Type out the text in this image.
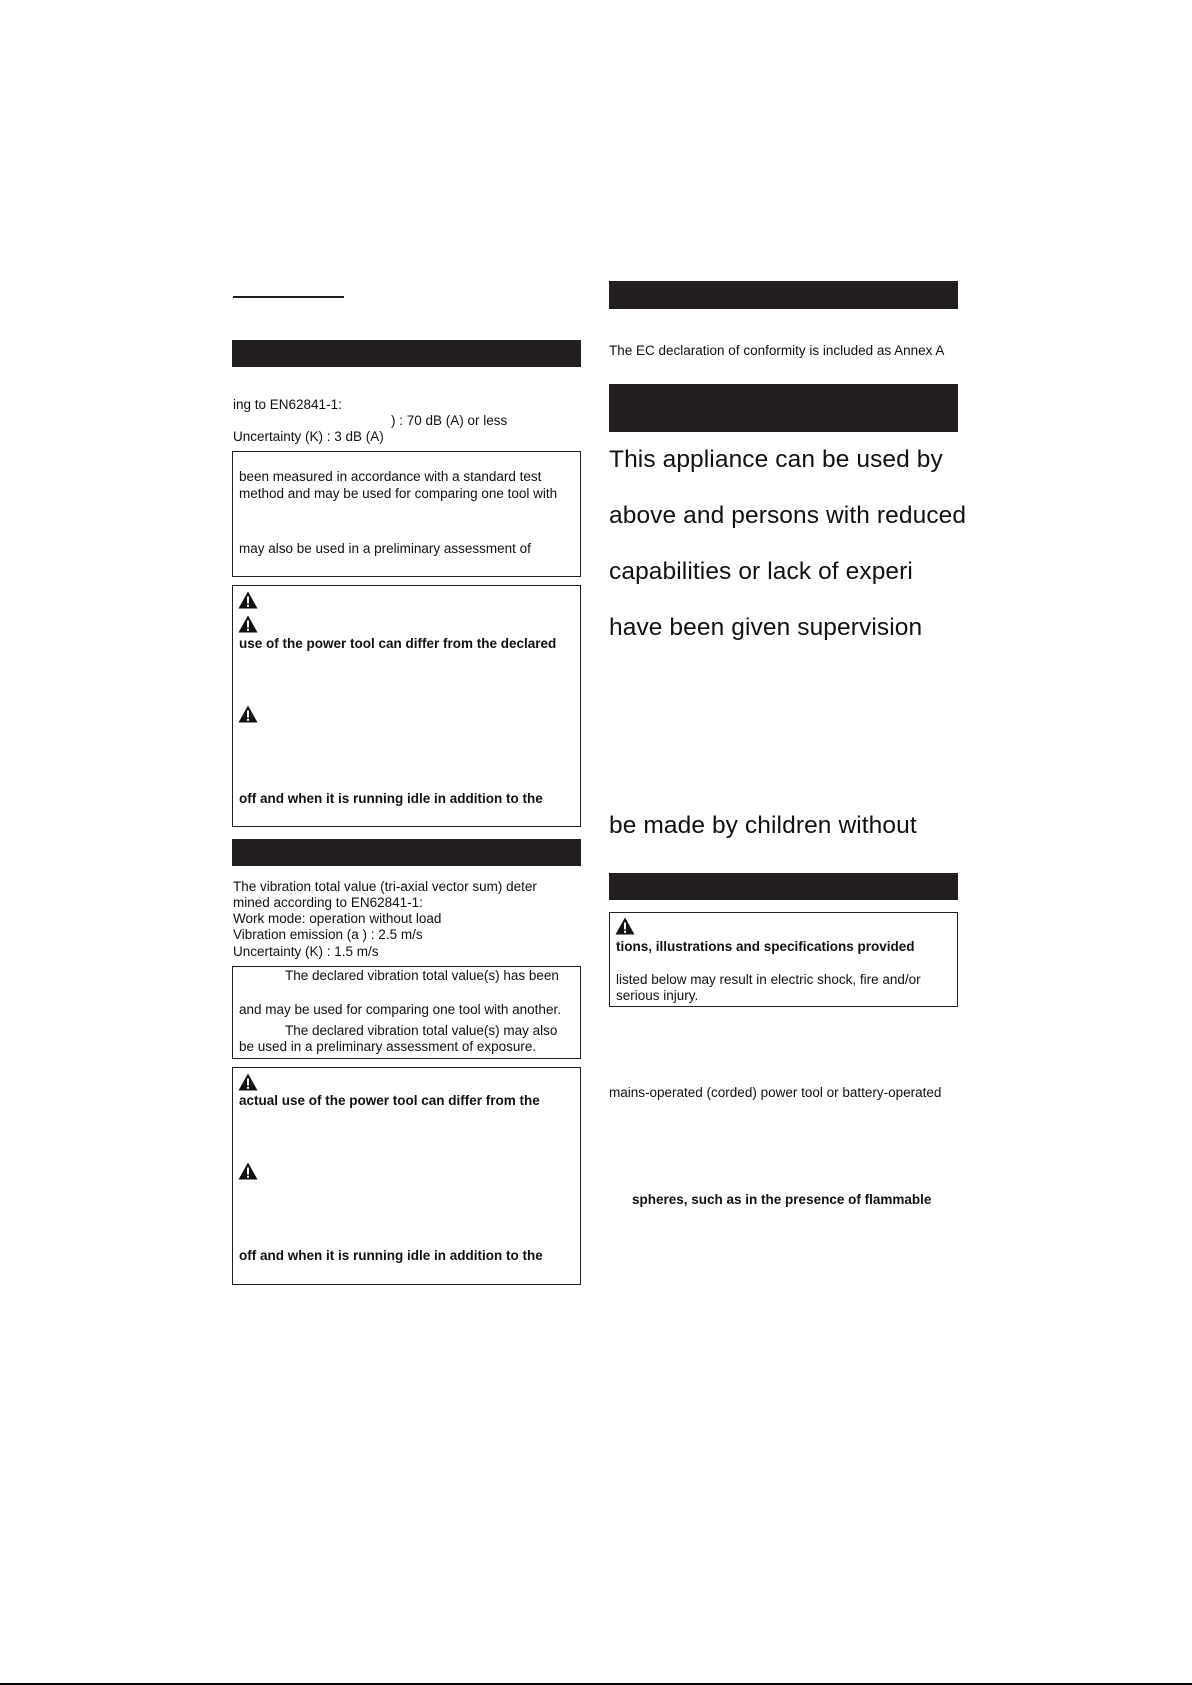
ing to EN62841-1:
) : 70 dB (A) or less
Uncertainty (K) : 3 dB (A)
been measured in accordance with a standard test
method and may be used for comparing one tool with
may also be used in a preliminary assessment of
use of the power tool can differ from the declared
off and when it is running idle in addition to the
The vibration total value (tri-axial vector sum) deter
mined according to EN62841-1:
Work mode: operation without load
Vibration emission (a ) : 2.5 m/s
Uncertainty (K) : 1.5 m/s
The declared vibration total value(s) has been
and may be used for comparing one tool with another.
The declared vibration total value(s) may also
be used in a preliminary assessment of exposure.
actual use of the power tool can differ from the
off and when it is running idle in addition to the
The EC declaration of conformity is included as Annex A
This appliance can be used by
above and persons with reduced
capabilities or lack of experi
have been given supervision
be made by children without
tions, illustrations and specifications provided
listed below may result in electric shock, fire and/or
serious injury.
mains-operated (corded) power tool or battery-operated
spheres, such as in the presence of flammable
